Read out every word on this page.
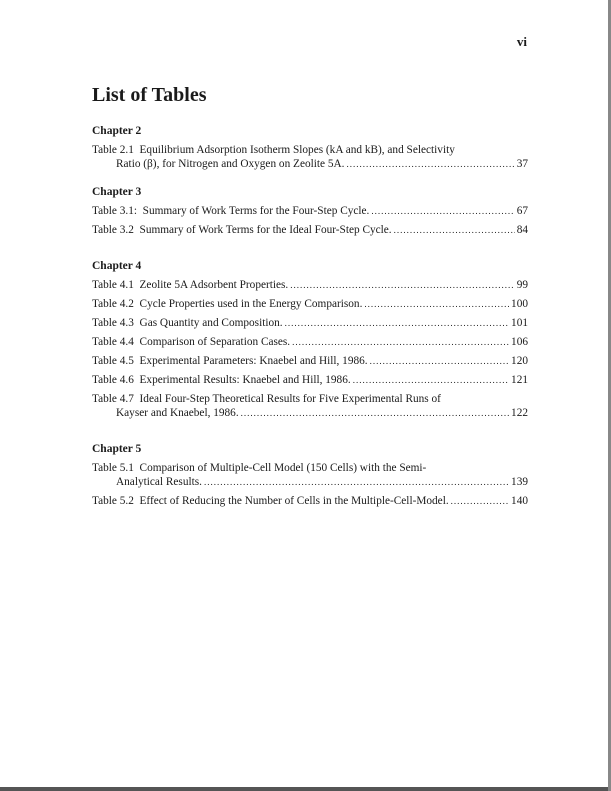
vi
List of Tables
Chapter 2
Table 2.1 Equilibrium Adsorption Isotherm Slopes (kA and kB), and Selectivity
Ratio (β), for Nitrogen and Oxygen on Zeolite 5A. .....	37
Chapter 3
Table 3.1: Summary of Work Terms for the Four-Step Cycle. .....	67
Table 3.2 Summary of Work Terms for the Ideal Four-Step Cycle. .....	84
Chapter 4
Table 4.1 Zeolite 5A Adsorbent Properties. .....	99
Table 4.2 Cycle Properties used in the Energy Comparison. .....	100
Table 4.3 Gas Quantity and Composition. .....	101
Table 4.4 Comparison of Separation Cases. .....	106
Table 4.5 Experimental Parameters: Knaebel and Hill, 1986. .....	120
Table 4.6 Experimental Results: Knaebel and Hill, 1986. .....	121
Table 4.7 Ideal Four-Step Theoretical Results for Five Experimental Runs of
Kayser and Knaebel, 1986. .....	122
Chapter 5
Table 5.1 Comparison of Multiple-Cell Model (150 Cells) with the Semi-
Analytical Results. .....	139
Table 5.2 Effect of Reducing the Number of Cells in the Multiple-Cell-Model. .....	140
